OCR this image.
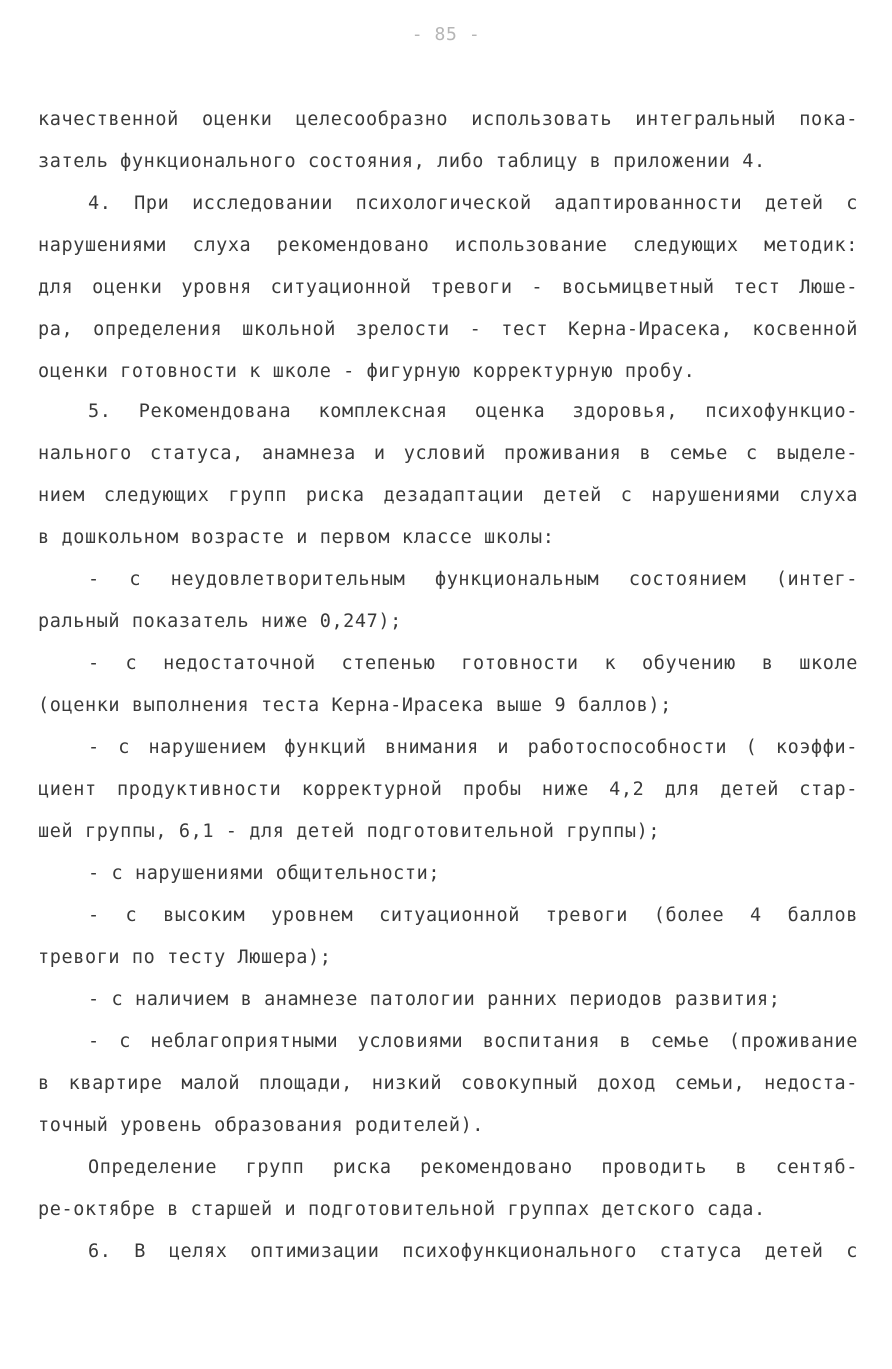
- 85 -
качественной оценки целесообразно использовать интегральный пока-
затель функционального состояния, либо таблицу в приложении 4.
4. При исследовании психологической адаптированности детей с
нарушениями слуха рекомендовано использование следующих методик:
для оценки уровня ситуационной тревоги - восьмицветный тест Люше-
ра, определения школьной зрелости - тест Керна-Ирасека, косвенной
оценки готовности к школе - фигурную корректурную пробу.
5. Рекомендована комплексная оценка здоровья, психофункцио-
нального статуса, анамнеза и условий проживания в семье с выделе-
нием следующих групп риска дезадаптации детей с нарушениями слуха
в дошкольном возрасте и первом классе школы:
- с неудовлетворительным функциональным состоянием (интег-
ральный показатель ниже 0,247);
- с недостаточной степенью готовности к обучению в школе
(оценки выполнения теста Керна-Ирасека выше 9 баллов);
- с нарушением функций внимания и работоспособности ( коэффи-
циент продуктивности корректурной пробы ниже 4,2 для детей стар-
шей группы, 6,1 - для детей подготовительной группы);
- с нарушениями общительности;
- с высоким уровнем ситуационной тревоги (более 4 баллов
тревоги по тесту Люшера);
- с наличием в анамнезе патологии ранних периодов развития;
- с неблагоприятными условиями воспитания в семье (проживание
в квартире малой площади, низкий совокупный доход семьи, недоста-
точный уровень образования родителей).
Определение групп риска рекомендовано проводить в сентяб-
ре-октябре в старшей и подготовительной группах детского сада.
6. В целях оптимизации психофункционального статуса детей с
